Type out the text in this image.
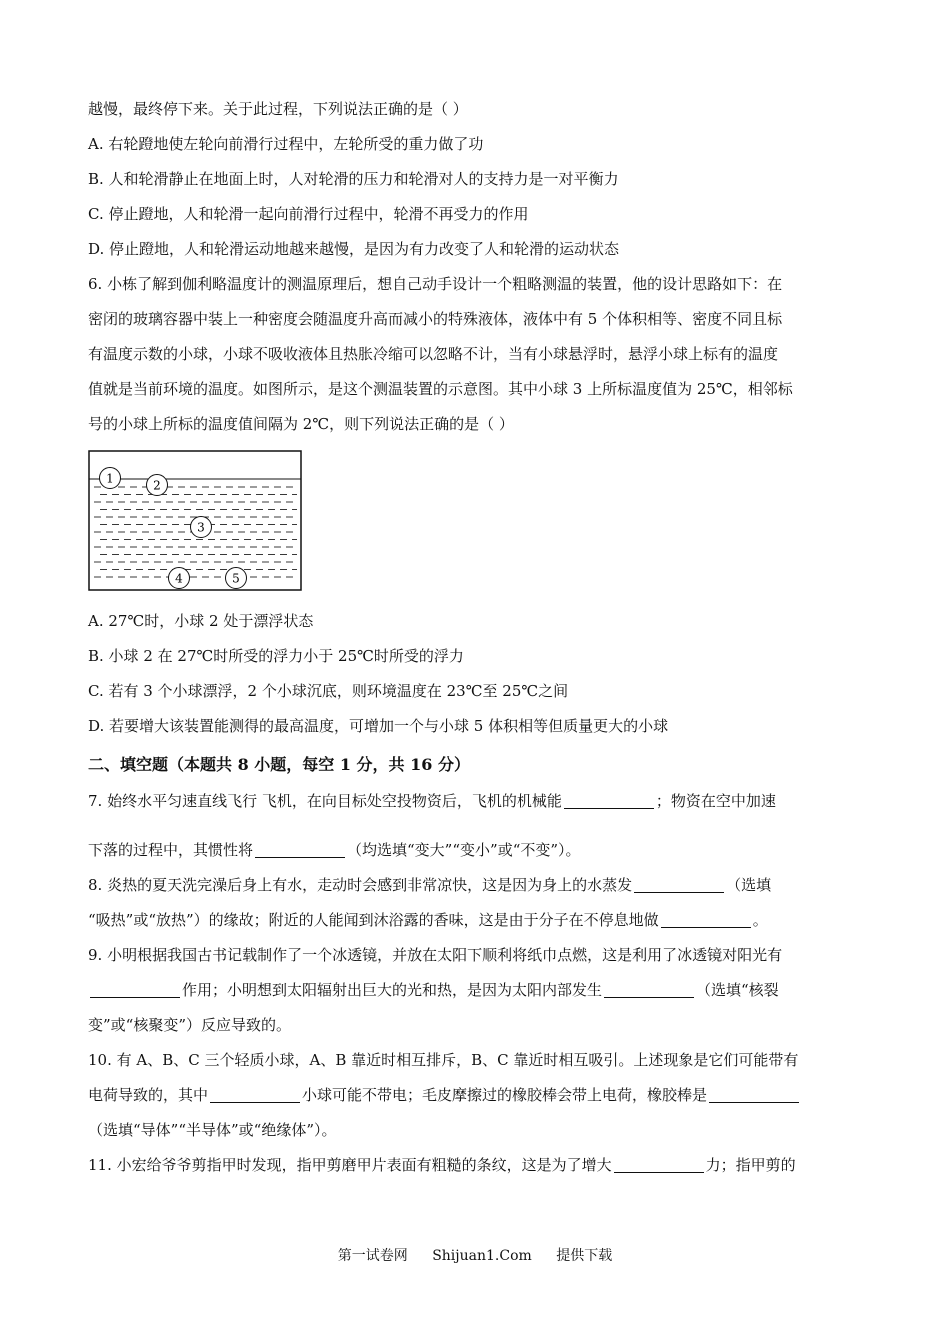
越慢，最终停下来。关于此过程，下列说法正确的是（ ）
A. 右轮蹬地使左轮向前滑行过程中，左轮所受的重力做了功
B. 人和轮滑静止在地面上时，人对轮滑的压力和轮滑对人的支持力是一对平衡力
C. 停止蹬地，人和轮滑一起向前滑行过程中，轮滑不再受力的作用
D. 停止蹬地，人和轮滑运动地越来越慢，是因为有力改变了人和轮滑的运动状态
6. 小栋了解到伽利略温度计的测温原理后，想自己动手设计一个粗略测温的装置，他的设计思路如下：在
密闭的玻璃容器中装上一种密度会随温度升高而减小的特殊液体，液体中有 5 个体积相等、密度不同且标
有温度示数的小球，小球不吸收液体且热胀冷缩可以忽略不计，当有小球悬浮时，悬浮小球上标有的温度
值就是当前环境的温度。如图所示，是这个测温装置的示意图。其中小球 3 上所标温度值为 25℃，相邻标
号的小球上所标的温度值间隔为 2℃，则下列说法正确的是（ ）
1	2
3
4	5
A. 27℃时，小球 2 处于漂浮状态
B. 小球 2 在 27℃时所受的浮力小于 25℃时所受的浮力
C. 若有 3 个小球漂浮，2 个小球沉底，则环境温度在 23℃至 25℃之间
D. 若要增大该装置能测得的最高温度，可增加一个与小球 5 体积相等但质量更大的小球
二、填空题（本题共 8 小题，每空 1 分，共 16 分）
7. 始终水平匀速直线飞行 飞机，在向目标处空投物资后，飞机的机械能	；物资在空中加速
下落的过程中，其惯性将	（均选填“变大”“变小”或“不变”）。
8. 炎热的夏天洗完澡后身上有水，走动时会感到非常凉快，这是因为身上的水蒸发	（选填
“吸热”或“放热”）的缘故；附近的人能闻到沐浴露的香味，这是由于分子在不停息地做	。
9. 小明根据我国古书记载制作了一个冰透镜，并放在太阳下顺利将纸巾点燃，这是利用了冰透镜对阳光有
作用；小明想到太阳辐射出巨大的光和热，是因为太阳内部发生	（选填“核裂
变”或“核聚变”）反应导致的。
10. 有 A、B、C 三个轻质小球，A、B 靠近时相互排斥，B、C 靠近时相互吸引。上述现象是它们可能带有
电荷导致的，其中	小球可能不带电；毛皮摩擦过的橡胶棒会带上电荷，橡胶棒是
（选填“导体”“半导体”或“绝缘体”）。
11. 小宏给爷爷剪指甲时发现，指甲剪磨甲片表面有粗糙的条纹，这是为了增大	力；指甲剪的
第一试卷网 Shijuan1.Com 提供下载
